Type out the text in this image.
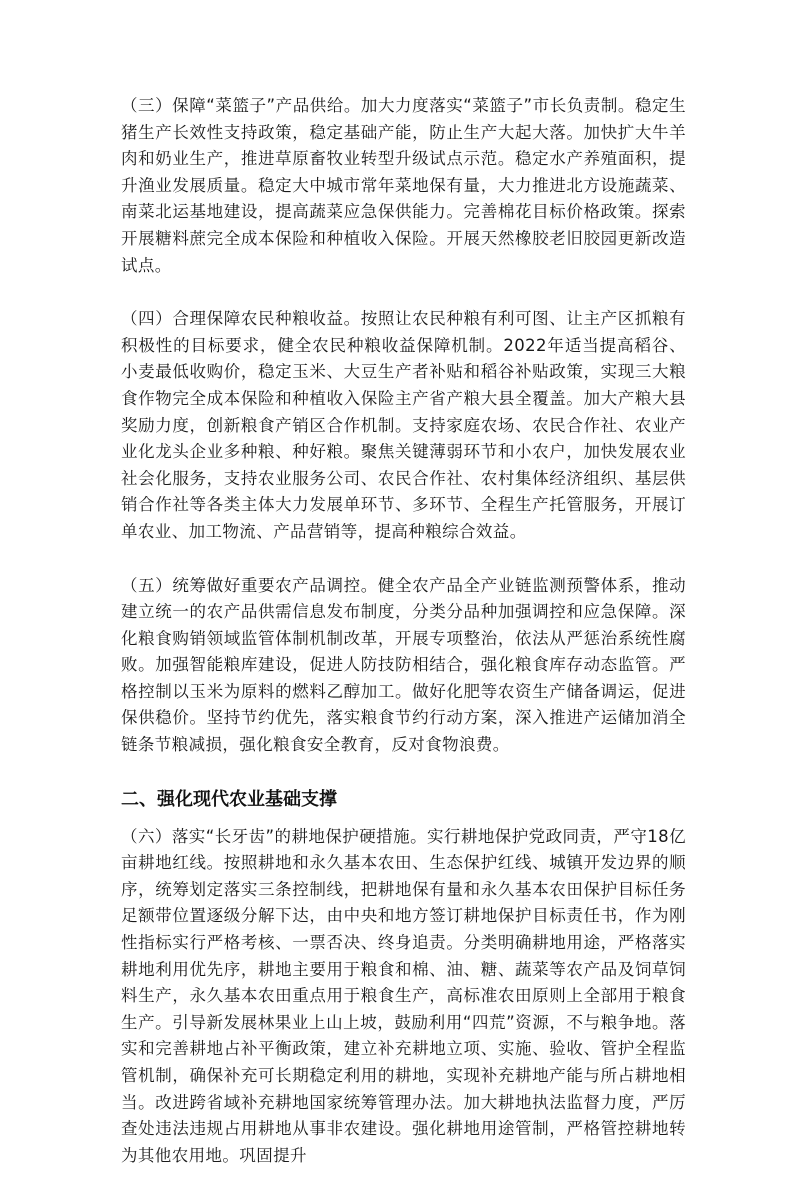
（三）保障“菜篮子”产品供给。加大力度落实“菜篮子”市长负责制。稳定生猪生产长效性支持政策，稳定基础产能，防止生产大起大落。加快扩大牛羊肉和奶业生产，推进草原畜牧业转型升级试点示范。稳定水产养殖面积，提升渔业发展质量。稳定大中城市常年菜地保有量，大力推进北方设施蔬菜、南菜北运基地建设，提高蔬菜应急保供能力。完善棉花目标价格政策。探索开展糖料蔗完全成本保险和种植收入保险。开展天然橡胶老旧胶园更新改造试点。

（四）合理保障农民种粮收益。按照让农民种粮有利可图、让主产区抓粮有积极性的目标要求，健全农民种粮收益保障机制。2022年适当提高稻谷、小麦最低收购价，稳定玉米、大豆生产者补贴和稻谷补贴政策，实现三大粮食作物完全成本保险和种植收入保险主产省产粮大县全覆盖。加大产粮大县奖励力度，创新粮食产销区合作机制。支持家庭农场、农民合作社、农业产业化龙头企业多种粮、种好粮。聚焦关键薄弱环节和小农户，加快发展农业社会化服务，支持农业服务公司、农民合作社、农村集体经济组织、基层供销合作社等各类主体大力发展单环节、多环节、全程生产托管服务，开展订单农业、加工物流、产品营销等，提高种粮综合效益。

（五）统筹做好重要农产品调控。健全农产品全产业链监测预警体系，推动建立统一的农产品供需信息发布制度，分类分品种加强调控和应急保障。深化粮食购销领域监管体制机制改革，开展专项整治，依法从严惩治系统性腐败。加强智能粮库建设，促进人防技防相结合，强化粮食库存动态监管。严格控制以玉米为原料的燃料乙醇加工。做好化肥等农资生产储备调运，促进保供稳价。坚持节约优先，落实粮食节约行动方案，深入推进产运储加消全链条节粮减损，强化粮食安全教育，反对食物浪费。

二、强化现代农业基础支撑

（六）落实“长牙齿”的耕地保护硬措施。实行耕地保护党政同责，严守18亿亩耕地红线。按照耕地和永久基本农田、生态保护红线、城镇开发边界的顺序，统筹划定落实三条控制线，把耕地保有量和永久基本农田保护目标任务足额带位置逐级分解下达，由中央和地方签订耕地保护目标责任书，作为刚性指标实行严格考核、一票否决、终身追责。分类明确耕地用途，严格落实耕地利用优先序，耕地主要用于粮食和棉、油、糖、蔬菜等农产品及饲草饲料生产，永久基本农田重点用于粮食生产，高标准农田原则上全部用于粮食生产。引导新发展林果业上山上坡，鼓励利用“四荒”资源，不与粮争地。落实和完善耕地占补平衡政策，建立补充耕地立项、实施、验收、管护全程监管机制，确保补充可长期稳定利用的耕地，实现补充耕地产能与所占耕地相当。改进跨省域补充耕地国家统筹管理办法。加大耕地执法监督力度，严厉查处违法违规占用耕地从事非农建设。强化耕地用途管制，严格管控耕地转为其他农用地。巩固提升
